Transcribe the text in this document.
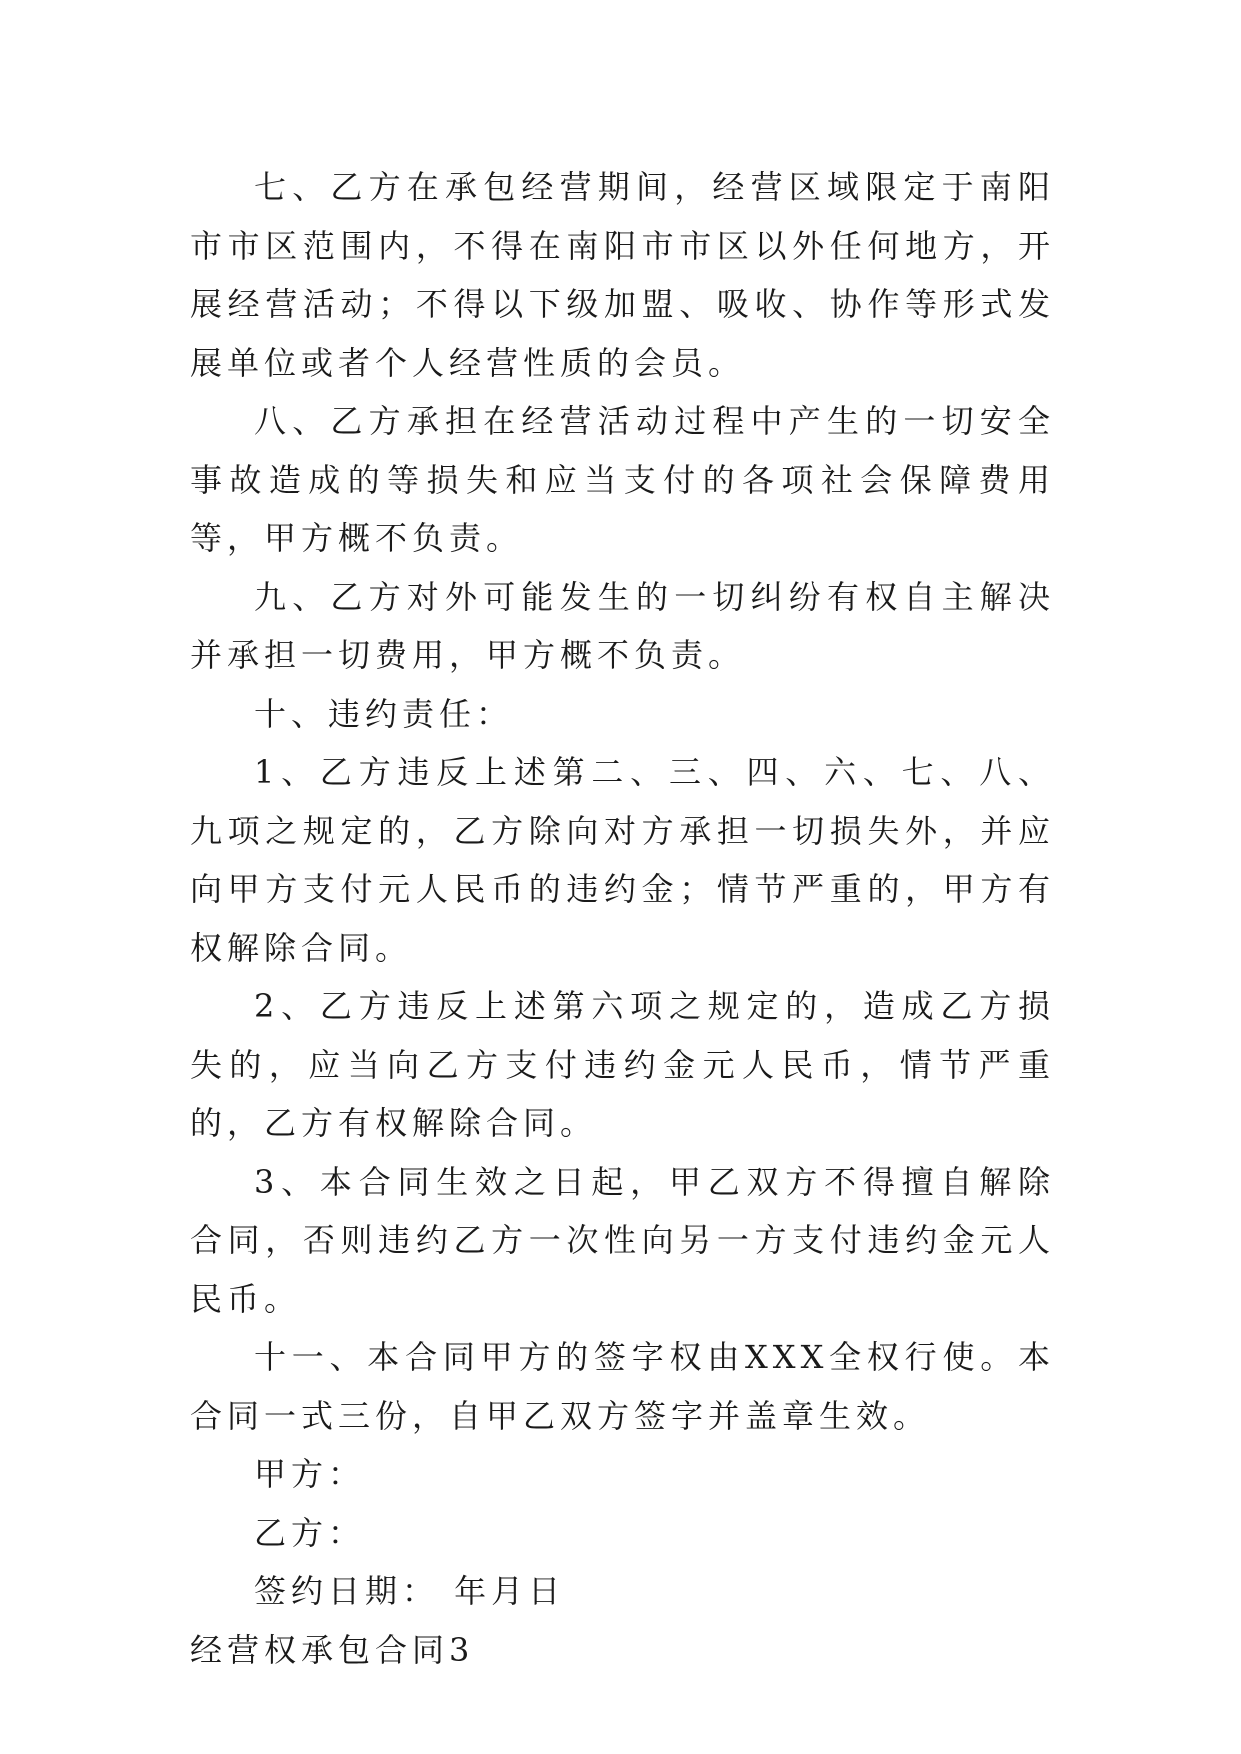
七、乙方在承包经营期间，经营区域限定于南阳市市区范围内，不得在南阳市市区以外任何地方，开展经营活动；不得以下级加盟、吸收、协作等形式发展单位或者个人经营性质的会员。

八、乙方承担在经营活动过程中产生的一切安全事故造成的等损失和应当支付的各项社会保障费用等，甲方概不负责。

九、乙方对外可能发生的一切纠纷有权自主解决并承担一切费用，甲方概不负责。

十、违约责任：

1、乙方违反上述第二、三、四、六、七、八、九项之规定的，乙方除向对方承担一切损失外，并应向甲方支付元人民币的违约金；情节严重的，甲方有权解除合同。

2、乙方违反上述第六项之规定的，造成乙方损失的，应当向乙方支付违约金元人民币，情节严重的，乙方有权解除合同。

3、本合同生效之日起，甲乙双方不得擅自解除合同，否则违约乙方一次性向另一方支付违约金元人民币。

十一、本合同甲方的签字权由XXX全权行使。本合同一式三份，自甲乙双方签字并盖章生效。

甲方：

乙方：

签约日期： 年月日

经营权承包合同3
